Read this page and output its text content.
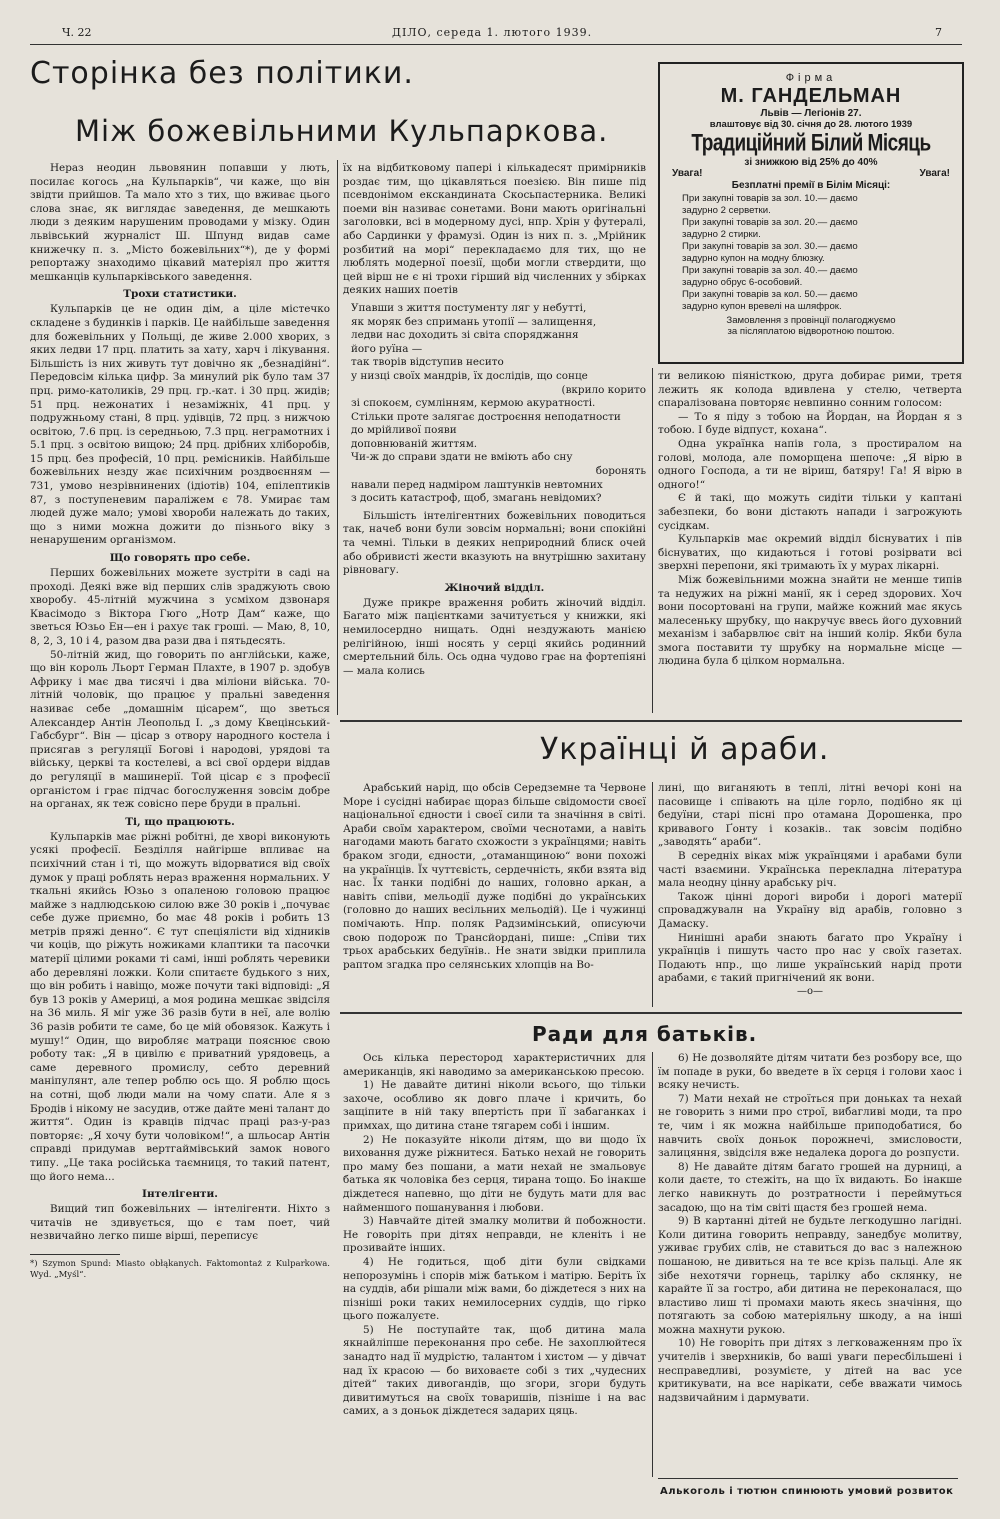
Ч. 22	ДІЛО, середа 1. лютого 1939.	7
Сторінка без політики.
Між божевільними Кульпаркова.

Нераз неодин львовянин попавши у лють, посилає когось „на Кульпарків“, чи каже, що він звідти прийшов. Та мало хто з тих, що вживає цього слова знає, як виглядає заведення, де мешкають люди з деяким нарушеним проводами у мізку. Один львівський журналіст Ш. Шпунд видав саме книжечку п. з. „Місто божевільних“*), де у формі репортажу знаходимо цікавий матеріял про життя мешканців кульпарківського заведення.

Трохи статистики.

Кульпарків це не один дім, а ціле містечко складене з будинків і парків. Це найбільше заведення для божевільних у Польщі, де живе 2.000 хворих, з яких ледви 17 прц. платить за хату, харч і лікування. Більшість із них живуть тут довічно як „безнадійні“. Передовсім кілька цифр. За минулий рік було там 37 прц. римо-католиків, 29 прц. гр.-кат. і 30 прц. жидів; 51 прц. нежонатих і незаміжніх, 41 прц. у подружньому стані, 8 прц. удівців, 72 прц. з нижчою освітою, 7.6 прц. із середньою, 7.3 прц. неграмотних і 5.1 прц. з освітою вищою; 24 прц. дрібних хліборобів, 15 прц. без професій, 10 прц. ремісників. Найбільше божевільних незду жає психічним роздвоєнням — 731, умово незрівнинених (ідіотів) 104, епілептиків 87, з поступеневим параліжем є 78. Умирає там людей дуже мало; умові хвороби належать до таких, що з ними можна дожити до пізнього віку з ненарушеним організмом.

Що говорять про себе.

Перших божевільних можете зустріти в саді на проході. Деякі вже від перших слів зраджують свою хворобу. 45-літній мужчина з усміхом дзвонаря Квасімодо з Віктора Гюго „Нотр Дам“ каже, що зветься Юзьо Ен—ен і рахує так гроші. — Маю, 8, 10, 8, 2, 3, 10 і 4, разом два рази два і пятьдесять.

50-літній жид, що говорить по англійськи, каже, що він король Льорт Герман Плахте, в 1907 р. здобув Африку і має два тисячі і два міліони війська. 70-літній чоловік, що працює у пральні заведення називає себе „домашнім цісарем“, що зветься Александер Антін Леопольд І. „з дому Квецінський-Габсбург“. Він — цісар з отвору народного костела і присягав з регуляції Богові і народові, урядові та війську, церкві та костелеві, а всі свої ордери віддав до регуляції в машинерії. Той цісар є з професії органістом і грає підчас богослуження зовсім добре на органах, як теж совісно пере бруди в пральні.

Ті, що працюють.

Кульпарків має ріжні робітні, де хворі виконують усякі професії. Безділля найгірше впливає на психічний стан і ті, що можуть відорватися від своїх думок у праці роблять нераз враження нормальних. У ткальні якийсь Юзьо з опаленою головою працює майже з надлюдською силою вже 30 років і „почуває себе дуже приємно, бо має 48 років і робить 13 метрів пряжі денно“. Є тут спеціялісти від хідників чи коців, що ріжуть ножиками клаптики та пасочки матерії цілими роками ті самі, інші роблять черевики або деревляні ложки. Коли спитаєте будького з них, що він робить і навіщо, може почути такі відповіді: „Я був 13 років у Америці, а моя родина мешкає звідсіля на 36 миль. Я міг уже 36 разів бути в неї, але волію 36 разів робити те саме, бо це мій обовязок. Кажуть і мушу!“ Один, що виробляє матраци пояснює свою роботу так: „Я в цивілю є приватний урядовець, а саме деревного промислу, себто деревний маніпулянт, але тепер роблю ось що. Я роблю щось на сотні, щоб люди мали на чому спати. Але я з Бродів і нікому не засудив, отже дайте мені талант до життя“. Один із кравців підчас праці раз-у-раз повторяє: „Я хочу бути чоловіком!“, а шльосар Антін справді придумав вертгаймівський замок нового типу. „Це така російська таємниця, то такий патент, що його нема...

Інтелігенти.

Вищий тип божевільних — інтелігенти. Ніхто з читачів не здивується, що є там поет, чий незвичайно легко пише вірші, переписує

*) Szymon Spund: Miasto obłąkanych. Faktomontaż z Kulparkowa. Wyd. „Myśl“.

їх на відбитковому папері і кількадесят примірників роздає тим, що цікавляться поезією. Він пише під псевдонімом екскандината Скосьпастерника. Великі поеми він називає сонетами. Вони мають оригінальні заголовки, всі в модерному дусі, нпр. Хрін у футералі, або Сардинки у фрамузі. Один із них п. з. „Мрійник розбитий на морі“ перекладаємо для тих, що не люблять модерної поезії, щоби могли ствердити, що цей вірш не є ні трохи гірший від численних у збірках деяких наших поетів

Упавши з життя постументу ляг у небутті,
як моряк без спримань утопії — залищення,
ледви нас доходить зі світа споряджання
його руїна —
так творів відступив несито
у низці своїх мандрів, їх дослідів, що сонце
(вкрило корито
зі спокоєм, сумлінням, кермою акуратності.
Стільки проте залягає достроєння неподатности
до мрійливої появи
доповнюваній життям.
Чи-ж до справи здати не вміють або сну
боронять
навали перед надміром лаштунків невтомних
з досить катастроф, щоб, змагань невідомих?

Більшість інтелігентних божевільних поводиться так, начеб вони були зовсім нормальні; вони спокійні та чемні. Тільки в деяких неприродний блиск очей або обривисті жести вказують на внутрішню захитану рівновагу.

Жіночий відділ.

Дуже прикре враження робить жіночий відділ. Багато між пацієнтками зачитується у книжки, які немилосердно нищать. Одні нездужають манією релігійною, інші носять у серці якийсь родинний смертельний біль. Ось одна чудово грає на фортепіяні — мала колись

Фірма
М. ГАНДЕЛЬМАН
Львів — Легіонів 27.
влаштовує від 30. січня до 28. лютого 1939
Традиційний Білий Місяць
зі знижкою від 25% до 40%
Увага!	Увага!
Безплатні премії в Білім Місяці:
При закупні товарів за зол. 10.— даємо
задурно 2 серветки.
При закупні товарів за зол. 20.— даємо
задурно 2 стирки.
При закупні товарів за зол. 30.— даємо
задурно купон на модну блюзку.
При закупні товарів за зол. 40.— даємо
задурно обрус 6-особовий.
При закупні товарів за кол. 50.— даємо
задурно купон вревелі на шляфрок.
Замовлення з провінції полагоджуємо
за післяплатою відворотною поштою.

ти великою піяністкою, друга добирає рими, третя лежить як колода вдивлена у стелю, четверта спаралізована повторяє невпинно сонним голосом:

— То я піду з тобою на Йордан, на Йордан я з тобою. І буде відпуст, кохана“.

Одна українка напів гола, з простиралом на голові, молода, але поморщена шепоче: „Я вірю в одного Господа, а ти не віриш, батяру! Га! Я вірю в одного!“

Є й такі, що можуть сидіти тільки у каптані забезпеки, бо вони дістають напади і загрожують сусідкам.

Кульпарків має окремий відділ біснуватих і пів біснуватих, що кидаються і готові розірвати всі зверхні перепони, які тримають їх у мурах лікарні.

Між божевільними можна знайти не менше типів та недужих на ріжні манії, як і серед здорових. Хоч вони посортовані на групи, майже кожний має якусь малесеньку шрубку, що накручує ввесь його духовний механізм і забарвлює світ на інший колір. Якби була змога поставити ту шрубку на нормальне місце — людина була б цілком нормальна.

Українці й араби.

Арабський нарід, що обсів Середземне та Червоне Море і сусідні набирає щораз більше свідомости своєї національної єдности і своєї сили та значіння в світі. Араби своїм характером, своїми чеснотами, а навіть нагодами мають багато схожости з українцями; навіть браком згоди, єдности, „отаманщиною“ вони похожі на українців. Їх чуттєвість, сердечність, якби взята від нас. Їх танки подібні до наших, головно аркан, а навіть співи, мельодії дуже подібні до українських (головно до наших весільних мельодій). Це і чужинці помічають. Нпр. поляк Радзимінський, описуючи свою подорож по Трансйордані, пише: „Співи тих трьох арабських бедуїнів.. Не знати звідки приплила раптом згадка про селянських хлопців на Во-

лині, що виганяють в теплі, літні вечорі коні на пасовище і співають на ціле горло, подібно як ці бедуїни, старі пісні про отамана Дорошенка, про кривавого Ґонту і козаків.. так зовсім подібно „заводять“ араби“.

В середніх віках між українцями і арабами були часті взаємини. Українська перекладна література мала неодну цінну арабську річ.

Також цінні дорогі вироби і дорогі матерії спроваджувалн на Україну від арабів, головно з Дамаску.

Нинішні араби знають багато про Україну і українців і пишуть часто про нас у своїх газетах. Подають нпр., що лише український нарід проти арабами, є такий пригнічений як вони.

—о—
Ради для батьків.

Ось кілька перестород характеристичних для американців, які наводимо за американською пресою.

1) Не давайте дитині ніколи всього, що тільки захоче, особливо як довго плаче і кричить, бо защіпите в ній таку впертість при її забаганках і примхах, що дитина стане тягарем собі і іншим.

2) Не показуйте ніколи дітям, що ви щодо їх виховання дуже ріжнитеся. Батько нехай не говорить про маму без пошани, а мати нехай не змальовує батька як чоловіка без серця, тирана тощо. Бо інакше діждетеся напевно, що діти не будуть мати для вас найменшого пошанування і любови.

3) Навчайте дітей змалку молитви й побожности. Не говоріть при дітях неправди, не кленіть і не прозивайте інших.

4) Не годиться, щоб діти були свідками непорозумінь і спорів між батьком і матірю. Беріть їх на суддів, аби рішали між вами, бо діждетеся з них на пізніші роки таких немилосерних суддів, що гірко цього пожалуєте.

5) Не поступайте так, щоб дитина мала якнайліпше переконання про себе. Не захоплюйтеся занадто над її мудрістю, талантом і хистом — у дівчат над їх красою — бо виховаєте собі з тих „чудесних дітей“ таких дивогандів, що згори, згори будуть дивитимуться на своїх товаришів, пізніше і на вас самих, а з доньок діждетеся задарих цяць.

6) Не дозволяйте дітям читати без розбору все, що їм попаде в руки, бо введете в їх серця і голови хаос і всяку нечисть.

7) Мати нехай не строїться при доньках та нехай не говорить з ними про строї, вибагливі моди, та про те, чим і як можна найбільше приподобатися, бо навчить своїх доньок порожнечі, змисловости, залицяння, звідсіля вже недалека дорога до розпусти.

8) Не давайте дітям багато грошей на дурниці, а коли даєте, то стежіть, на що їх видають. Бо інакше легко навикнуть до розтратности і переймуться засадою, що на тім світі щастя без грошей нема.

9) В картанні дітей не будьте легкодушно лагідні. Коли дитина говорить неправду, занедбує молитву, уживає грубих слів, не ставиться до вас з належною пошаною, не дивиться на те все крізь пальці. Але як зібе нехотячи горнець, тарілку або склянку, не карайте її за гостро, аби дитина не переконалася, що властиво лиш ті промахи мають якесь значіння, що потягають за собою матеріяльну шкоду, а на інші можна махнути рукою.

10) Не говоріть при дітях з легковаженням про їх учителів і зверхників, бо ваші уваги пересбільшені і несправедливі, розумієте, у дітей на вас усе критикувати, на все нарікати, себе вважати чимось надзвичайним і дармувати.

Алькоголь і тютюн спинюють умовий розвиток
